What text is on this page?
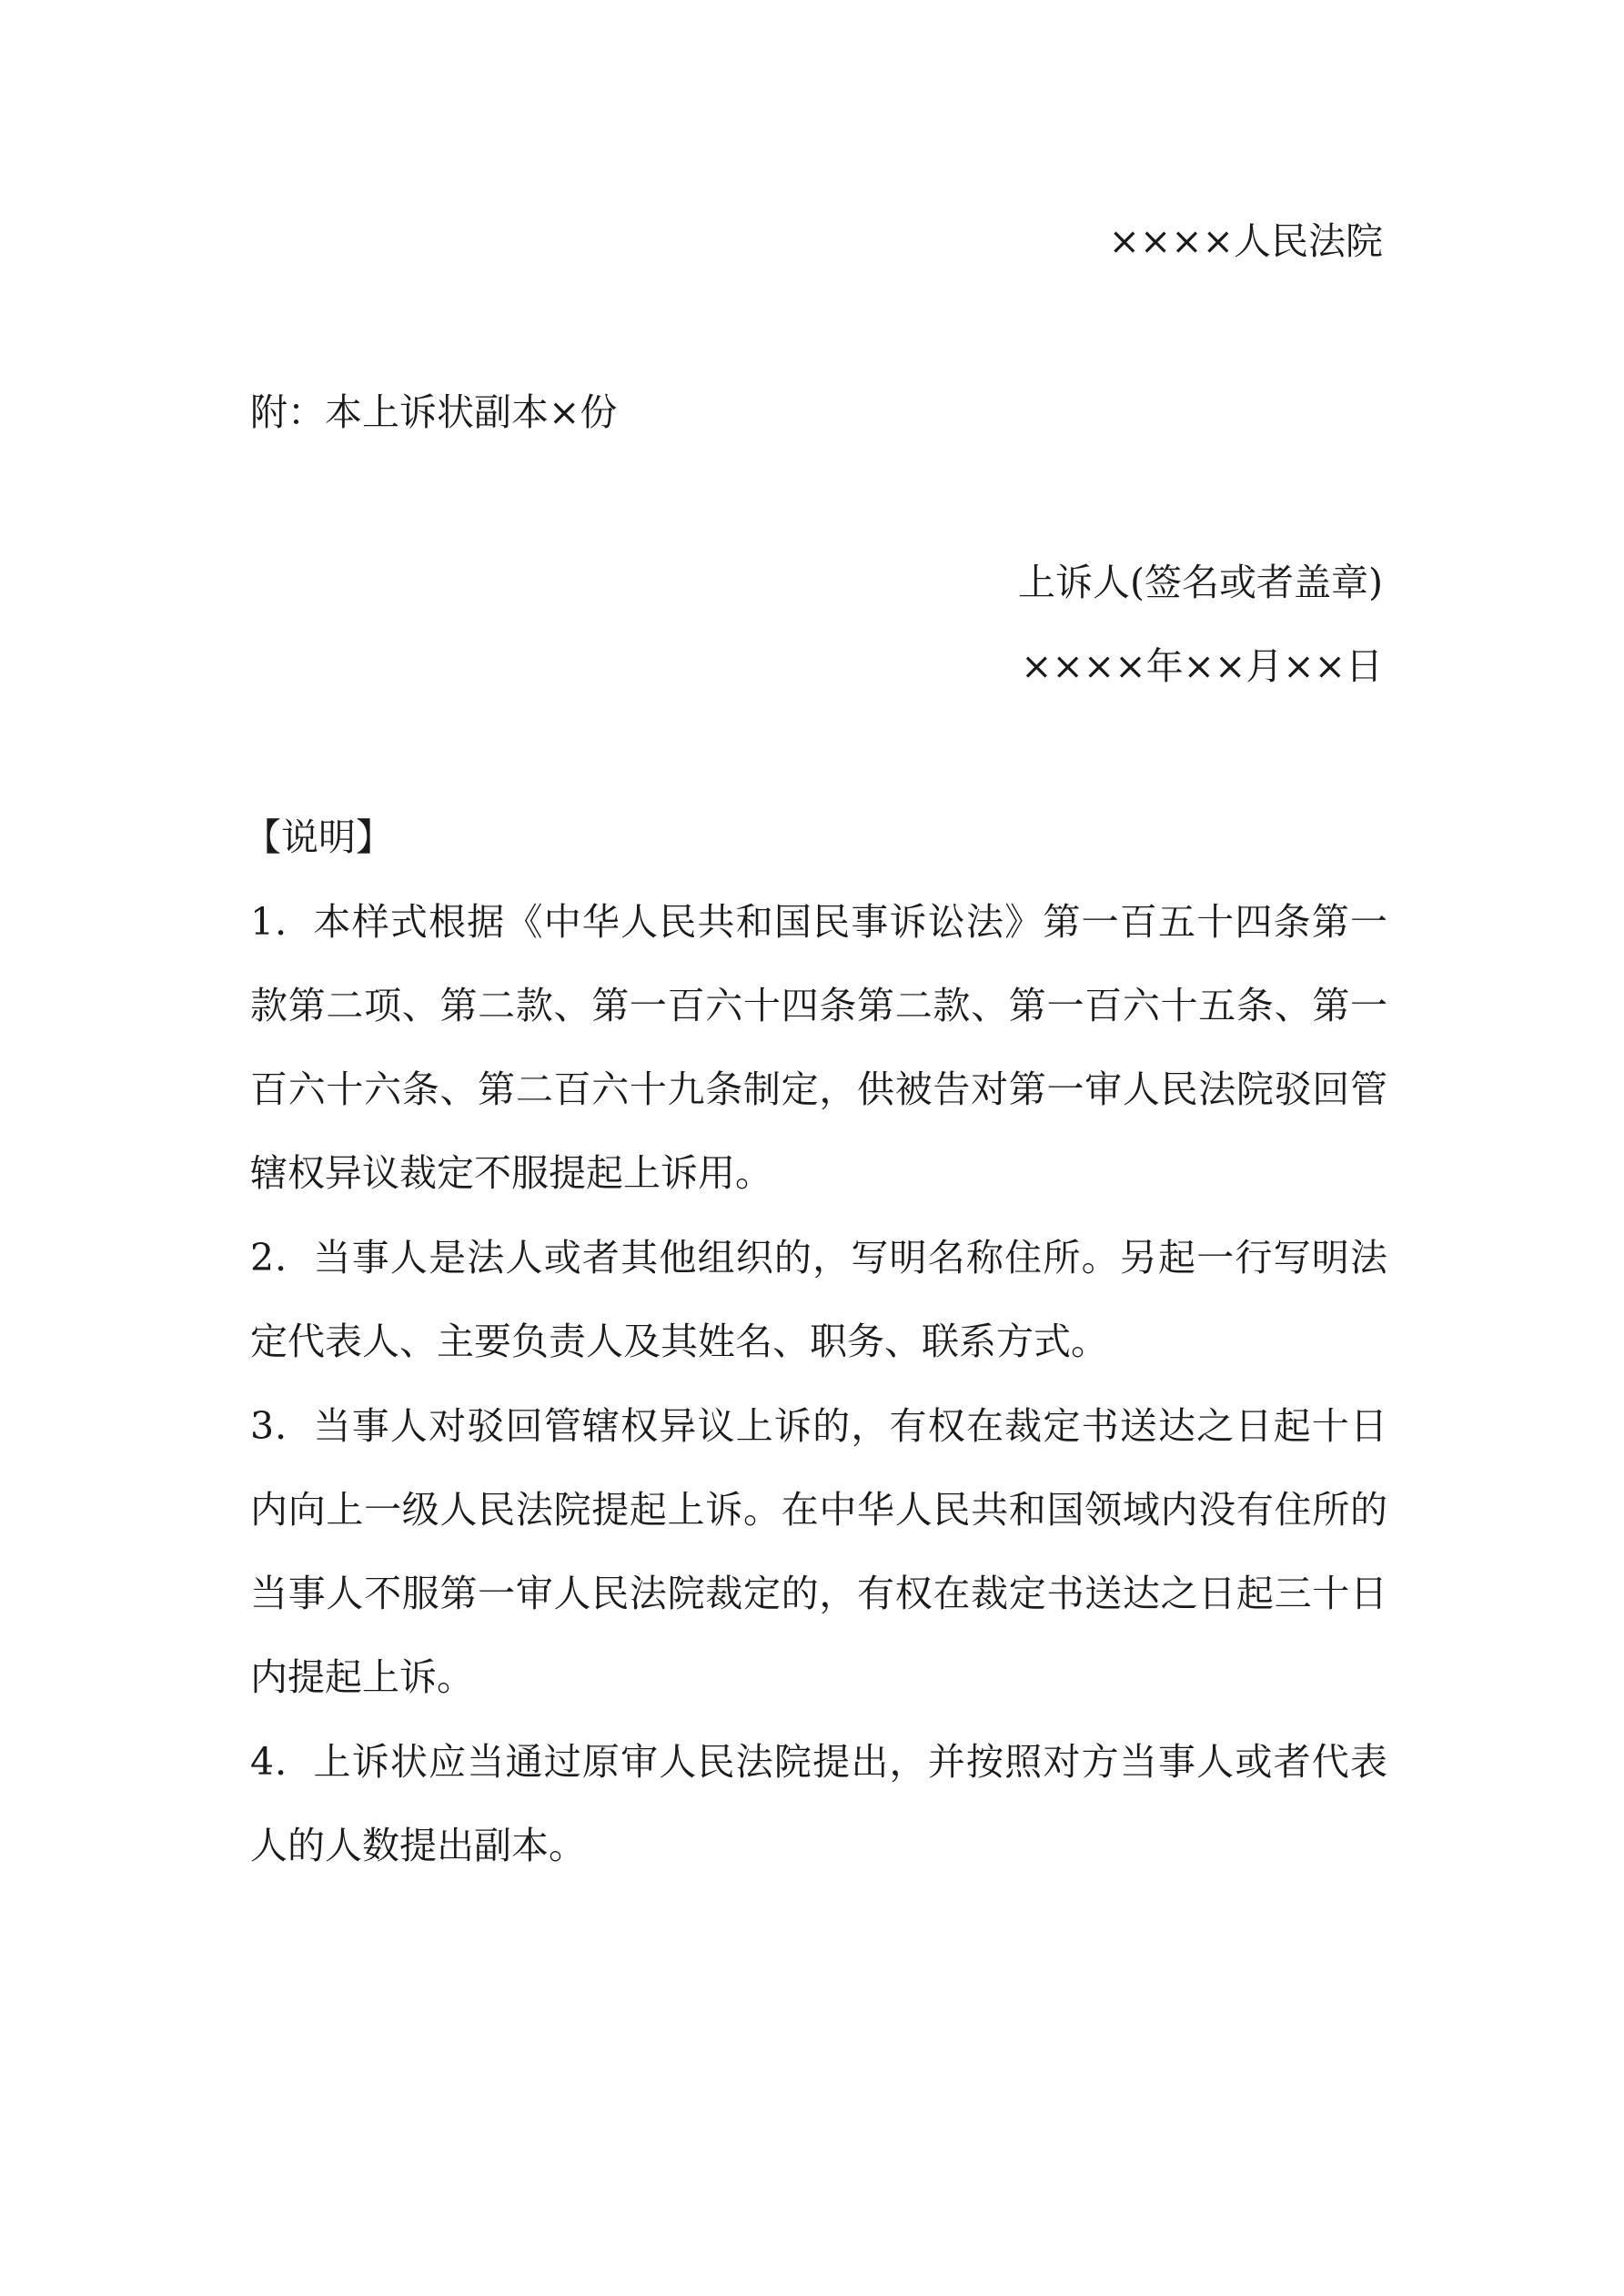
××××人民法院
附：本上诉状副本×份
上诉人(签名或者盖章)
××××年××月××日
【说明】
1．本样式根据《中华人民共和国民事诉讼法》第一百五十四条第一
款第二项、第二款、第一百六十四条第二款、第一百六十五条、第一
百六十六条、第二百六十九条制定，供被告对第一审人民法院驳回管
辖权异议裁定不服提起上诉用。
2．当事人是法人或者其他组织的，写明名称住所。另起一行写明法
定代表人、主要负责人及其姓名、职务、联系方式。
3．当事人对驳回管辖权异议上诉的，有权在裁定书送达之日起十日
内向上一级人民法院提起上诉。在中华人民共和国领域内没有住所的
当事人不服第一审人民法院裁定的，有权在裁定书送达之日起三十日
内提起上诉。
4．上诉状应当通过原审人民法院提出，并按照对方当事人或者代表
人的人数提出副本。
